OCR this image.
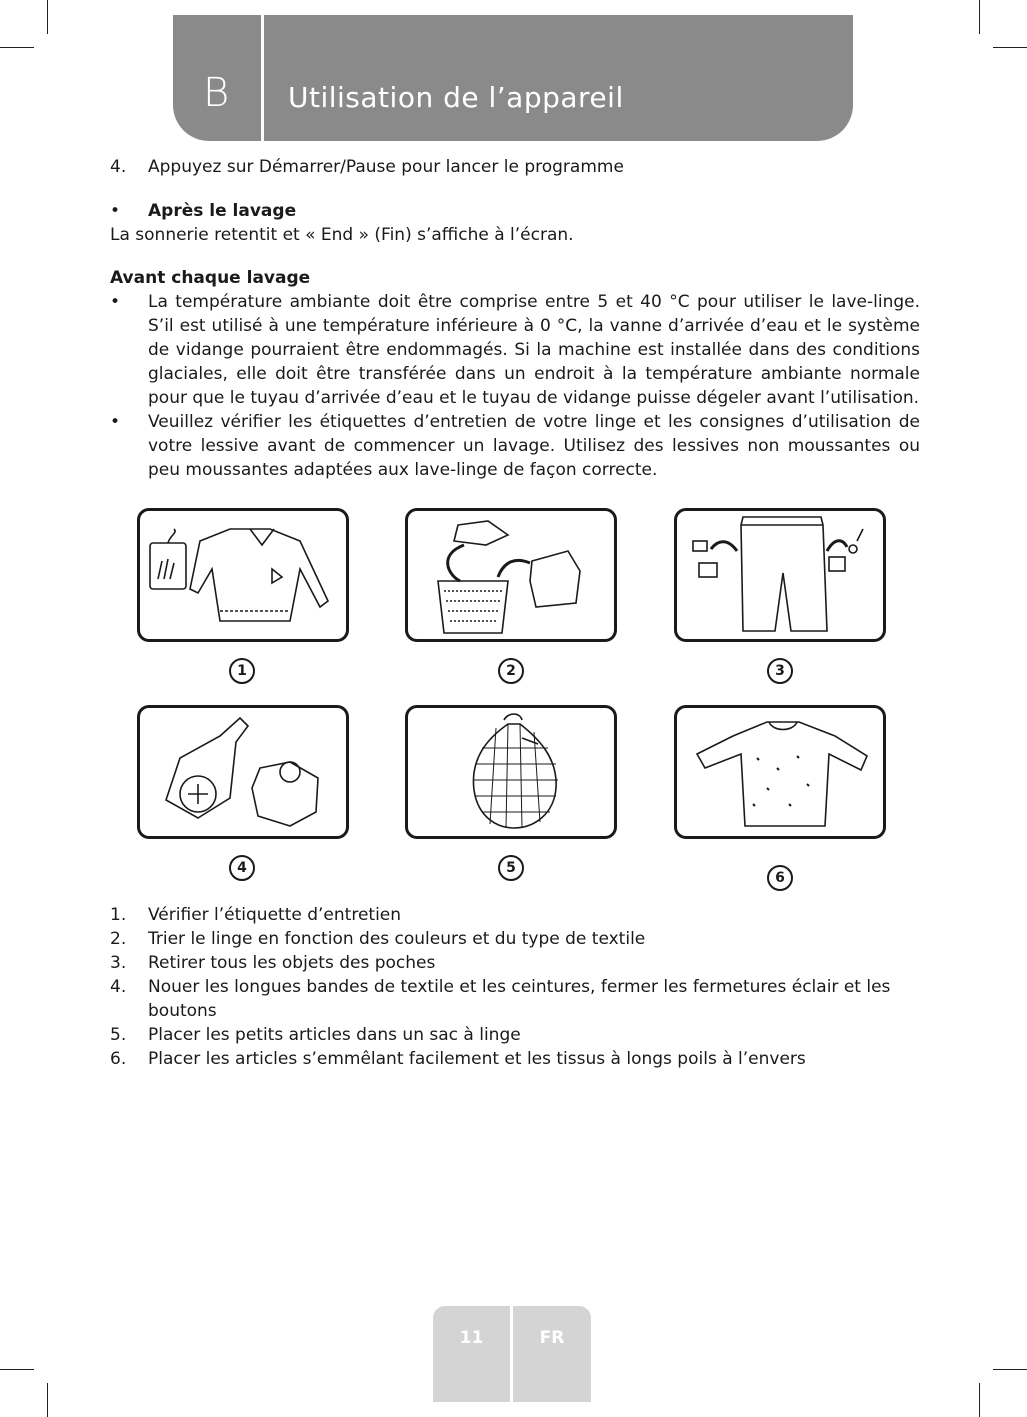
B Utilisation de l’appareil
4.	Appuyez sur Démarrer/Pause pour lancer le programme
•	Après le lavage
La sonnerie retentit et « End » (Fin) s’affiche à l’écran.
Avant chaque lavage
•	La température ambiante doit être comprise entre 5 et 40 °C pour utiliser le lave-linge. S’il est utilisé à une température inférieure à 0 °C, la vanne d’arrivée d’eau et le système de vidange pourraient être endommagés. Si la machine est installée dans des conditions glaciales, elle doit être transférée dans un endroit à la température ambiante normale pour que le tuyau d’arrivée d’eau et le tuyau de vidange puisse dégeler avant l’utilisation.
•	Veuillez vérifier les étiquettes d’entretien de votre linge et les consignes d’utilisation de votre lessive avant de commencer un lavage. Utilisez des lessives non moussantes ou peu moussantes adaptées aux lave-linge de façon correcte.
1	2	3
4	5
6
1.	Vérifier l’étiquette d’entretien
2.	Trier le linge en fonction des couleurs et du type de textile
3.	Retirer tous les objets des poches
4.	Nouer les longues bandes de textile et les ceintures, fermer les fermetures éclair et les boutons
5.	Placer les petits articles dans un sac à linge
6.	Placer les articles s’emmêlant facilement et les tissus à longs poils à l’envers
11	FR
